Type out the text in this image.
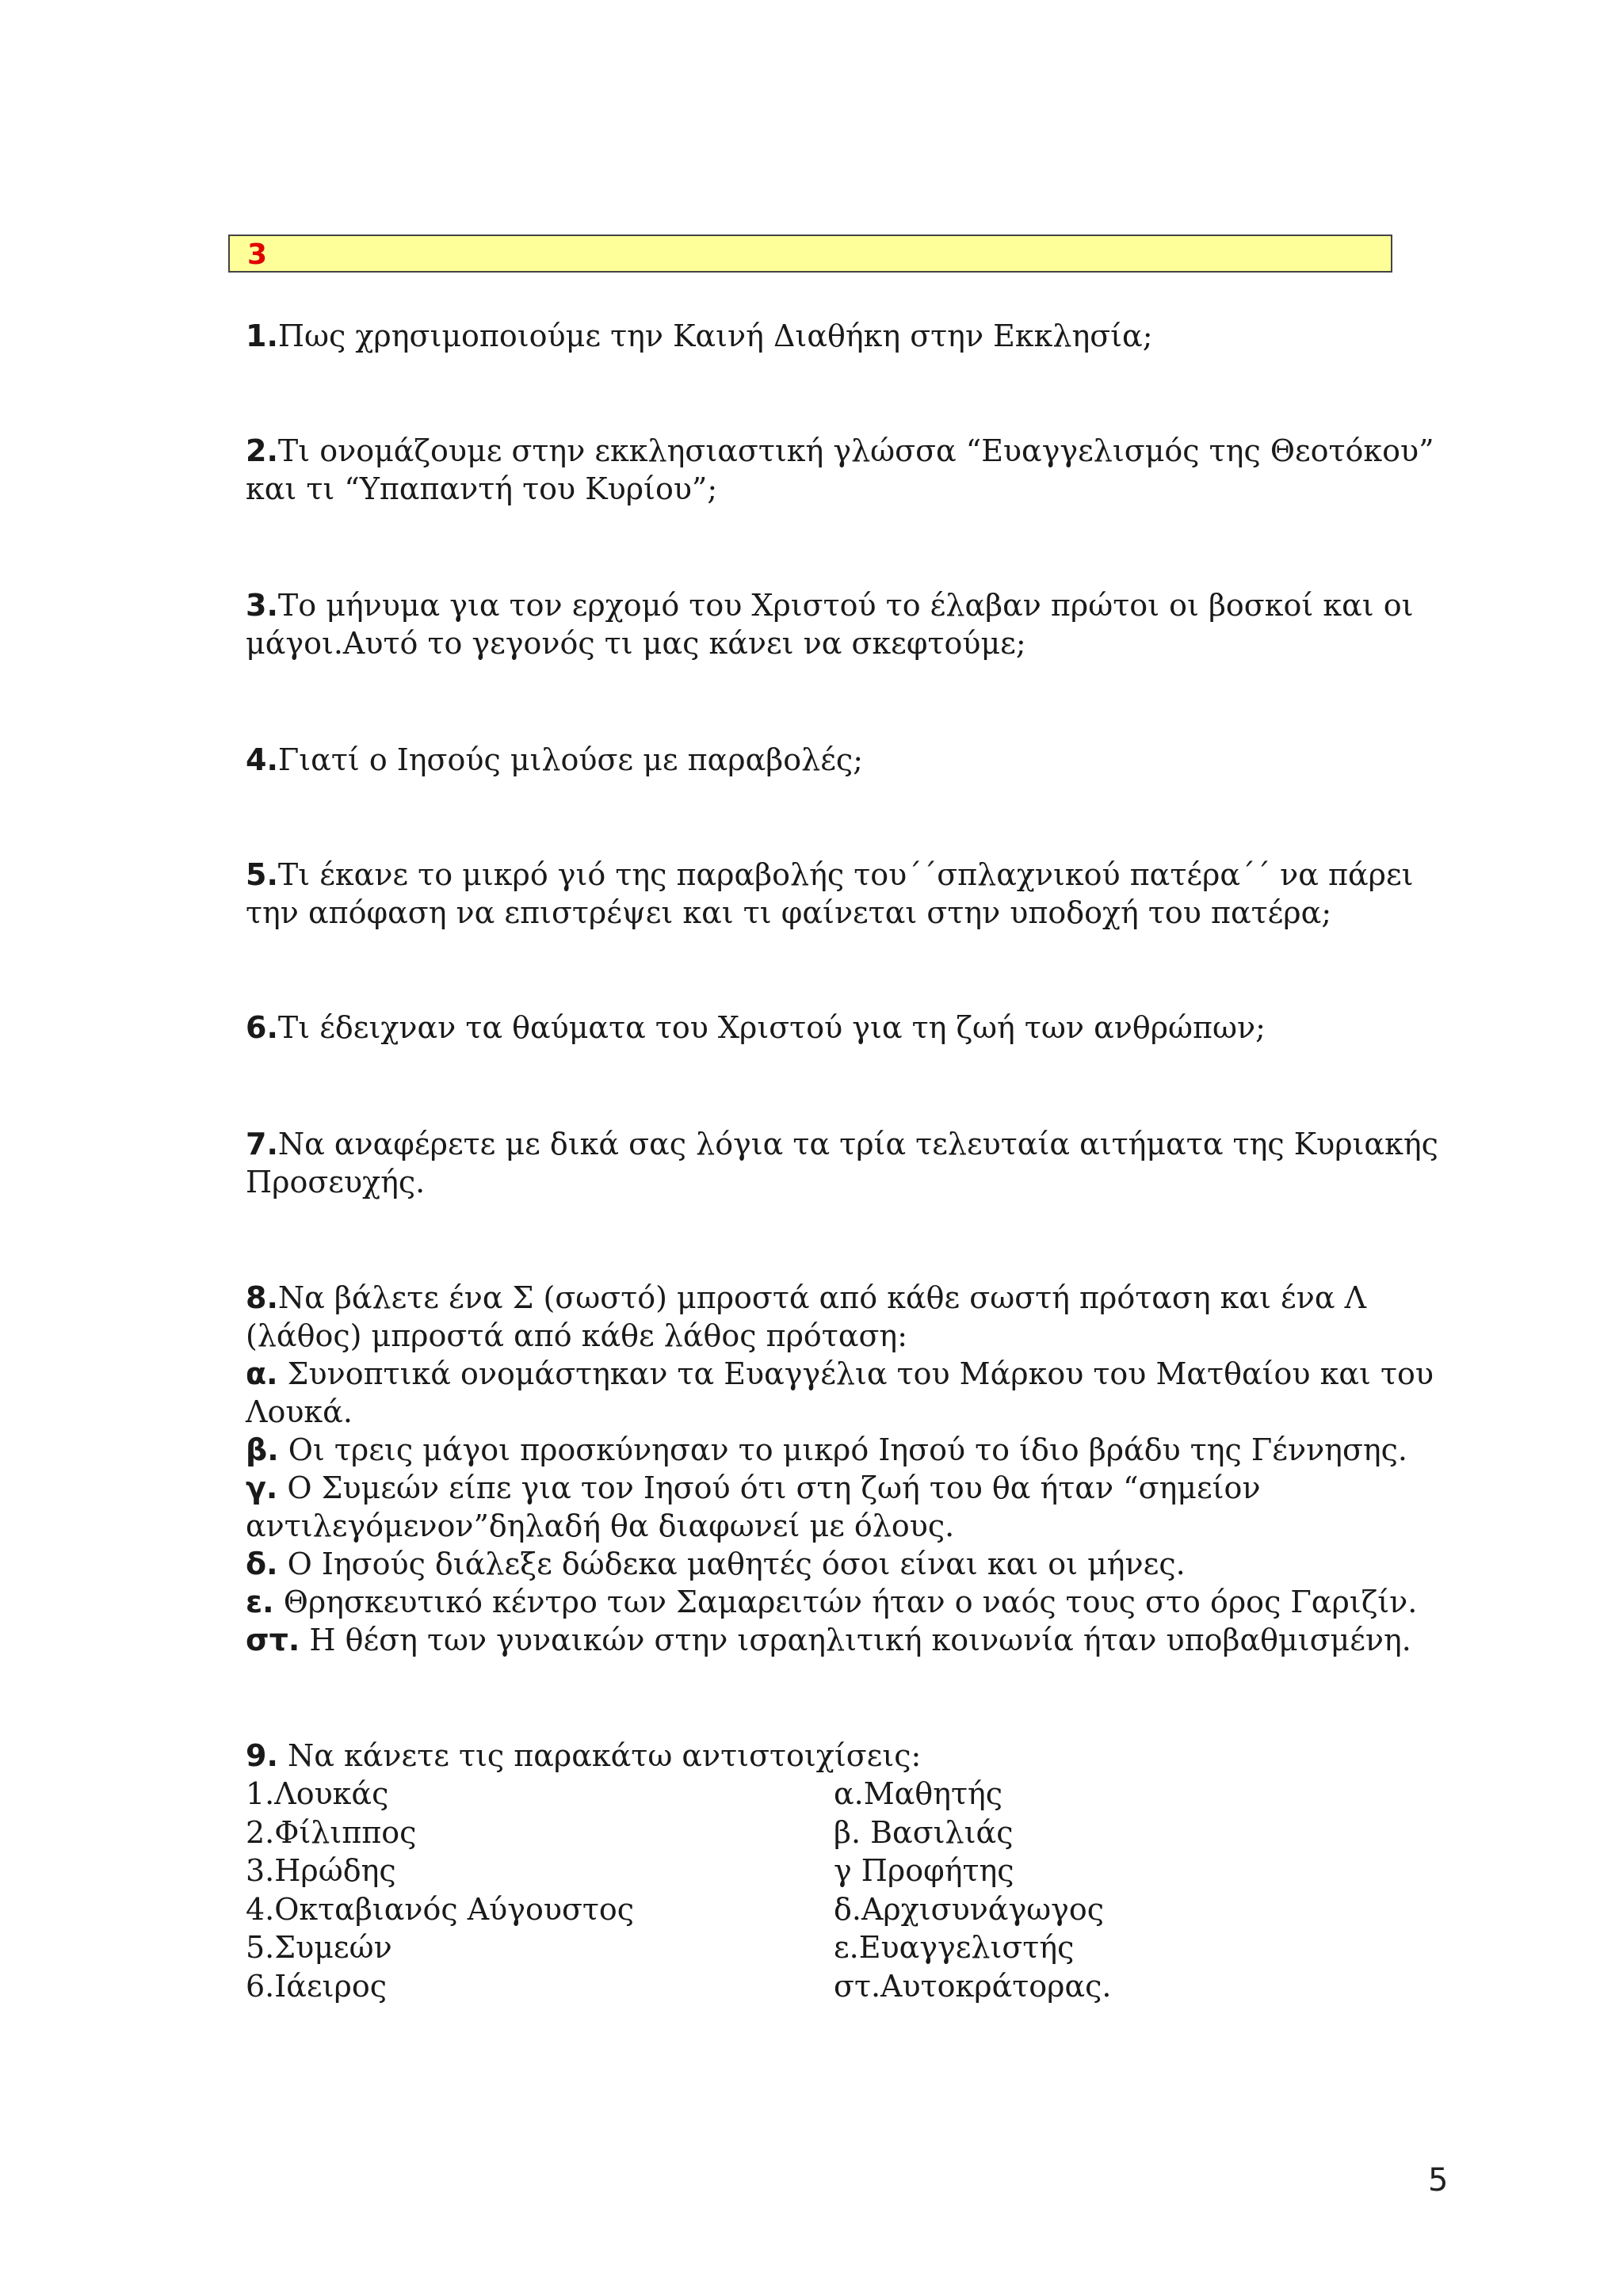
3
1.Πως χρησιμοποιούμε την Καινή Διαθήκη στην Εκκλησία;
2.Τι ονομάζουμε στην εκκλησιαστική γλώσσα “Ευαγγελισμός της Θεοτόκου”
και τι “Υπαπαντή του Κυρίου”;
3.Το μήνυμα για τον ερχομό του Χριστού το έλαβαν πρώτοι οι βοσκοί και οι
μάγοι.Αυτό το γεγονός τι μας κάνει να σκεφτούμε;
4.Γιατί ο Ιησούς μιλούσε με παραβολές;
5.Τι έκανε το μικρό γιό της παραβολής του΄΄σπλαχνικού πατέρα΄΄ να πάρει
την απόφαση να επιστρέψει και τι φαίνεται στην υποδοχή του πατέρα;
6.Τι έδειχναν τα θαύματα του Χριστού για τη ζωή των ανθρώπων;
7.Να αναφέρετε με δικά σας λόγια τα τρία τελευταία αιτήματα της Κυριακής
Προσευχής.
8.Να βάλετε ένα Σ (σωστό) μπροστά από κάθε σωστή πρόταση και ένα Λ
(λάθος) μπροστά από κάθε λάθος πρόταση:
α. Συνοπτικά ονομάστηκαν τα Ευαγγέλια του Μάρκου του Ματθαίου και του
Λουκά.
β. Οι τρεις μάγοι προσκύνησαν το μικρό Ιησού το ίδιο βράδυ της Γέννησης.
γ. Ο Συμεών είπε για τον Ιησού ότι στη ζωή του θα ήταν “σημείον
αντιλεγόμενον”δηλαδή θα διαφωνεί με όλους.
δ. Ο Ιησούς διάλεξε δώδεκα μαθητές όσοι είναι και οι μήνες.
ε. Θρησκευτικό κέντρο των Σαμαρειτών ήταν ο ναός τους στο όρος Γαριζίν.
στ. Η θέση των γυναικών στην ισραηλιτική κοινωνία ήταν υποβαθμισμένη.
9. Να κάνετε τις παρακάτω αντιστοιχίσεις:
1.Λουκάς
2.Φίλιππος
3.Ηρώδης
4.Οκταβιανός Αύγουστος
5.Συμεών
6.Ιάειρος
α.Μαθητής
β. Βασιλιάς
γ Προφήτης
δ.Αρχισυνάγωγος
ε.Ευαγγελιστής
στ.Αυτοκράτορας.
5
